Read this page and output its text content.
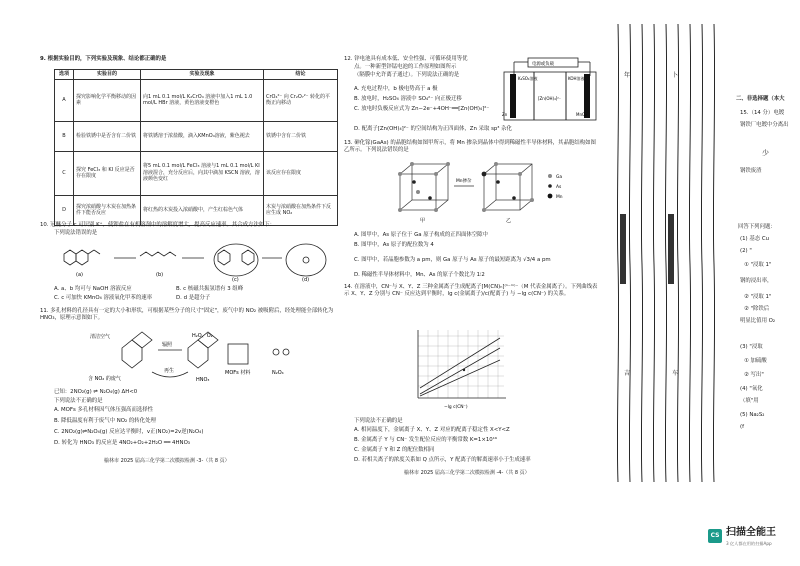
9. 根据实验目的，下列实验及现象、结论都正确的是
选项	实验目的	实验及现象	结论
A	探究影响化学平衡移动的因素	向1 mL 0.1 mol/L K₂CrO₄ 溶液中加入1 mL 1.0 mol/L HBr 溶液，黄色溶液变橙色	CrO₄²⁻ 向 Cr₂O₇²⁻ 转化的平衡正向移动
B	检验铁锈中是否含有二价铁	将铁锈溶于浓盐酸，滴入KMnO₄溶液，紫色褪去	铁锈中含有二价铁
C	探究 FeCl₃ 和 KI 反应是否存在限度	将5 mL 0.1 mol/L FeCl₃ 溶液与1 mL 0.1 mol/L KI 溶液混合，充分反应后，向其中滴加 KSCN 溶液，溶液颜色变红	该反应存在限度
D	探究浓硝酸与木炭在加热条件下能否反应	将红热的木炭投入浓硝酸中，产生红棕色气体	木炭与浓硝酸在加热条件下反应生成 NO₂
10. 冠醚分子 c 可识别 K⁺，使钾盐在有机溶剂中的溶解度增大，提高反应速率。其合成方法如下：
下列说法错误的是
(a)	(b)
(c)	(d)
A. a、b 均可与 NaOH 溶液反应	B. c 核磁共振氢谱有 3 组峰
C. c 可加快 KMnO₄ 溶液氧化甲苯的速率	D. d 是超分子
11. 多孔材料的孔径具有一定的大小和形状，可根据某些分子的尺寸"固定"，废气中的 NO₂ 被吸附后，经处理能全部转化为 HNO₃，原理示意图如下。
清洁空气
辐照
H₂O、O₂
含 NO₂ 的废气
再生
HNO₃
MOFs 材料	N₂O₄
已知：2NO₂(g) ⇌ N₂O₄(g) ΔH<0
下列说法不正确的是
A. MOFs 多孔材料因气体压强高而选择性
B. 降低温度有利于废气中 NO₂ 的转化处理
C. 2NO₂(g)⇌N₂O₄(g) 反应达平衡时，v正(NO₂)=2v逆(N₂O₄)
D. 转化为 HNO₃ 的反应是 4NO₂+O₂+2H₂O ══ 4HNO₃
榆林市 2025 届高三化学第二次模拟检测 -3-（共 8 页）
12. 锌电池具有成本低、安全性强、可循环使用等优
点。一种新型锌锰电池的工作原理如图所示
（隔膜中允许离子通过）。下列说法正确的是
电源或负载
K₂SO₄溶液	KOH溶液
[Zn(OH)₄]²⁻
Zn	MnO₂
A. 充电过程中，b 极电势高于 a 极
B. 放电时，H₂SO₄ 溶液中 SO₄²⁻ 向正极迁移
C. 放电时负极反应式为 Zn−2e⁻+4OH⁻══[Zn(OH)₄]²⁻
D. 配离子[Zn(OH)₄]²⁻ 的空间结构为正四面体，Zn 采取 sp³ 杂化
13. 砷化镓(GaAs) 的晶胞结构如图甲所示，将 Mn 掺杂到晶体中得到稀磁性半导体材料，其晶胞结构如图乙所示。下列说法错误的是
Mn掺杂
甲	乙
Ga
As
Mn
A. 图甲中，As 原子位于 Ga 原子构成的正四面体空隙中
B. 图甲中，As 原子的配位数为 4
C. 图甲中，若晶胞参数为 a pm，则 Ga 原子与 As 原子的最短距离为 √3/4 a pm
D. 稀磁性半导体材料中，Mn、As 的原子个数比为 1∶2
14. 在溶液中，CN⁻与 X、Y、Z 三种金属离子生成配离子[M(CN)ₙ]⁽ⁿ⁻ᵐ⁾⁻（M 代表金属离子）。下列曲线表示 X、Y、Z 分别与 CN⁻ 反应达到平衡时，lg c(金属离子)/c(配离子) 与 −lg c(CN⁻) 的关系。
−lg c(CN⁻)
下列说法不正确的是
A. 相同温度下，金属离子 X、Y、Z 对应的配离子稳定性 X<Y<Z
B. 金属离子 Y 与 CN⁻ 发生配位反应的平衡常数 K=1×10¹⁶
C. 金属离子 Y 和 Z 的配位数相同
D. 若相关离子的浓度关系如 Q 点所示，Y 配离子的解离速率小于生成速率
榆林市 2025 届高三化学第二次模拟检测 -4-（共 8 页）
年	卜
吉	车
二、非选择题（本大
15.（14 分）电镀
钢铁厂电镀中分离出
少
钢铁废渣
回答下列问题：
(1) 基态 Cu
(2) "
① "浸取 1"
钢的浸出率，
② "浸取 1"
② "除铁后
明显比值用 O₂
(3) "浸取
① 加硫酸
② 写出"
(4) "氧化
（填"用
(5) Na₂S₂
(f
CS 扫描全能王
3 亿人都在用的扫描App
